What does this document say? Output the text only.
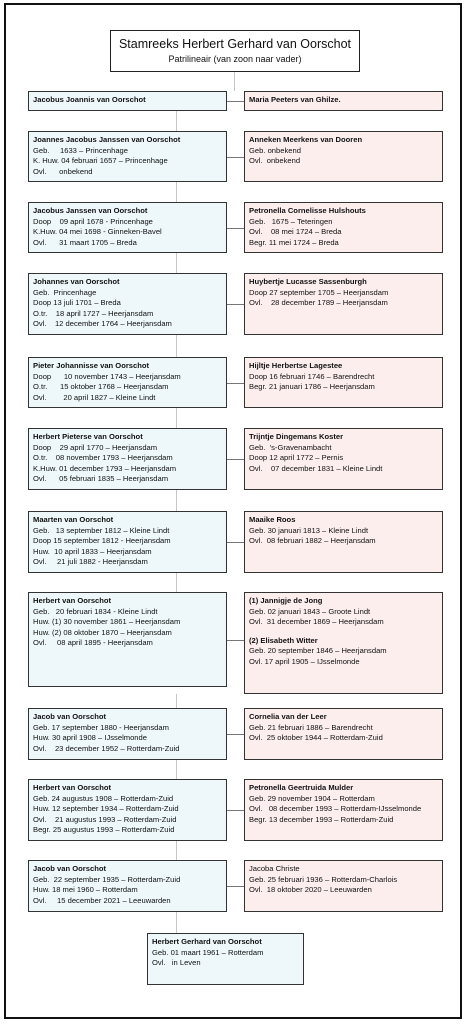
Stamreeks Herbert Gerhard van Oorschot
Patrilineair (van zoon naar vader)
Jacobus Joannis van Oorschot	Maria Peeters van Ghilze.
Joannes Jacobus Janssen van Oorschot
Geb.     1633 – Princenhage
K. Huw. 04 februari 1657 – Princenhage
Ovl.      onbekend
Anneken Meerkens van Dooren
Geb. onbekend
Ovl.  onbekend
Jacobus Janssen van Oorschot
Doop    09 april 1678 - Princenhage
K.Huw. 04 mei 1698 - Ginneken-Bavel
Ovl.      31 maart 1705 – Breda
Petronella Cornelisse Hulshouts
Geb.   1675 – Teteringen
Ovl.    08 mei 1724 – Breda
Begr. 11 mei 1724 – Breda
Johannes van Oorschot
Geb.  Princenhage
Doop 13 juli 1701 – Breda
O.tr.    18 april 1727 – Heerjansdam
Ovl.    12 december 1764 – Heerjansdam
Huybertje Lucasse Sassenburgh
Doop 27 september 1705 – Heerjansdam
Ovl.    28 december 1789 – Heerjansdam
Pieter Johannisse van Oorschot
Doop      10 november 1743 – Heerjansdam
O.tr.      15 oktober 1768 – Heerjansdam
Ovl.        20 april 1827 – Kleine Lindt
Hijltje Herbertse Lagestee
Doop 16 februari 1746 – Barendrecht
Begr. 21 januari 1786 – Heerjansdam
Herbert Pieterse van Oorschot
Doop    29 april 1770 – Heerjansdam
O.tr.    08 november 1793 – Heerjansdam
K.Huw. 01 december 1793 – Heerjansdam
Ovl.      05 februari 1835 – Heerjansdam
Trijntje Dingemans Koster
Geb.  's-Gravenambacht
Doop 12 april 1772 – Pernis
Ovl.    07 december 1831 – Kleine Lindt
Maarten van Oorschot
Geb.   13 september 1812 – Kleine Lindt
Doop 15 september 1812 - Heerjansdam
Huw.  10 april 1833 – Heerjansdam
Ovl.     21 juli 1882 - Heerjansdam
Maaike Roos
Geb. 30 januari 1813 – Kleine Lindt
Ovl.  08 februari 1882 – Heerjansdam
Herbert van Oorschot
Geb.   20 februari 1834 - Kleine Lindt
Huw. (1) 30 november 1861 – Heerjansdam
Huw. (2) 08 oktober 1870 – Heerjansdam
Ovl.     08 april 1895 - Heerjansdam
(1) Jannigje de Jong
Geb. 02 januari 1843 – Groote Lindt
Ovl.  31 december 1869 – Heerjansdam
(2) Elisabeth Witter
Geb. 20 september 1846 – Heerjansdam
Ovl. 17 april 1905 – IJsselmonde
Jacob van Oorschot
Geb. 17 september 1880 - Heerjansdam
Huw. 30 april 1908 – IJsselmonde
Ovl.    23 december 1952 – Rotterdam-Zuid
Cornelia van der Leer
Geb. 21 februari 1886 – Barendrecht
Ovl.  25 oktober 1944 – Rotterdam-Zuid
Herbert van Oorschot
Geb. 24 augustus 1908 – Rotterdam-Zuid
Huw. 12 september 1934 – Rotterdam-Zuid
Ovl.    21 augustus 1993 – Rotterdam-Zuid
Begr. 25 augustus 1993 – Rotterdam-Zuid
Petronella Geertruida Mulder
Geb. 29 november 1904 – Rotterdam
Ovl.   08 december 1993 – Rotterdam-IJsselmonde
Begr. 13 december 1993 – Rotterdam-Zuid
Jacob van Oorschot
Geb.  22 september 1935 – Rotterdam-Zuid
Huw. 18 mei 1960 – Rotterdam
Ovl.     15 december 2021 – Leeuwarden
Jacoba Christe
Geb. 25 februari 1936 – Rotterdam-Charlois
Ovl.  18 oktober 2020 – Leeuwarden
Herbert Gerhard van Oorschot
Geb. 01 maart 1961 – Rotterdam
Ovl.   in Leven
